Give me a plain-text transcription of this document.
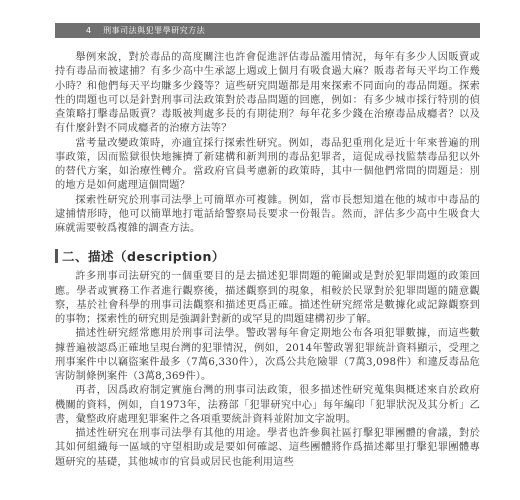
4 刑事司法與犯罪學研究方法

舉例來說，對於毒品的高度關注也許會促進評估毒品濫用情況，每年有多少人因販賣或持有毒品而被逮捕？有多少高中生承認上週或上個月有吸食過大麻？販毒者每天平均工作幾小時？和他們每天平均賺多少錢等？這些研究問題都是用來探索不同面向的毒品問題。探索性的問題也可以是針對刑事司法政策對於毒品問題的回應，例如：有多少城市採行特別的偵查策略打擊毒品販賣？毒販被判處多長的有期徒刑？每年花多少錢在治療毒品成癮者？以及有什麼針對不同成癮者的治療方法等？

當考量改變政策時，亦適宜採行探索性研究。例如，毒品犯重刑化是近十年來普遍的刑事政策，因而監獄很快地擁擠了新建構和新判刑的毒品犯罪者，這促成尋找監禁毒品犯以外的替代方案，如治療性轉介。當政府官員考慮新的政策時，其中一個他們常問的問題是：別的地方是如何處理這個問題？

探索性研究於刑事司法學上可簡單亦可複雜。例如，當市長想知道在他的城市中毒品的逮捕情形時，他可以簡單地打電話給警察局長要求一份報告。然而，評估多少高中生吸食大麻就需要較爲複雜的調查方法。

二、描述（description）

許多刑事司法研究的一個重要目的是去描述犯罪問題的範圍或是對於犯罪問題的政策回應。學者或實務工作者進行觀察後，描述觀察到的現象，相較於民眾對於犯罪問題的隨意觀察，基於社會科學的刑事司法觀察和描述更爲正確。描述性研究經常是數據化或記錄觀察到的事物；探索性的研究則是強調針對新的或罕見的問題建構初步了解。

描述性研究經常應用於刑事司法學。警政署每年會定期地公布各項犯罪數據，而這些數據普遍被認爲正確地呈現台灣的犯罪情況，例如，2014年警政署犯罪統計資料顯示，受理之刑事案件中以竊盜案件最多（7萬6,330件），次爲公共危險罪（7萬3,098件）和違反毒品危害防制條例案件（3萬8,369件）。

再者，因爲政府制定實施台灣的刑事司法政策，很多描述性研究蒐集與概述來自於政府機關的資料，例如，自1973年，法務部「犯罪研究中心」每年編印「犯罪狀況及其分析」乙書，彙整政府處理犯罪案件之各項重要統計資料並附加文字說明。

描述性研究在刑事司法學有其他的用途。學者也許參與社區打擊犯罪團體的會議，對於其如何組織每一區域的守望相助或是要如何確認、這些團體將作爲描述鄰里打擊犯罪團體專題研究的基礎，其他城市的官員或居民也能利用這些
